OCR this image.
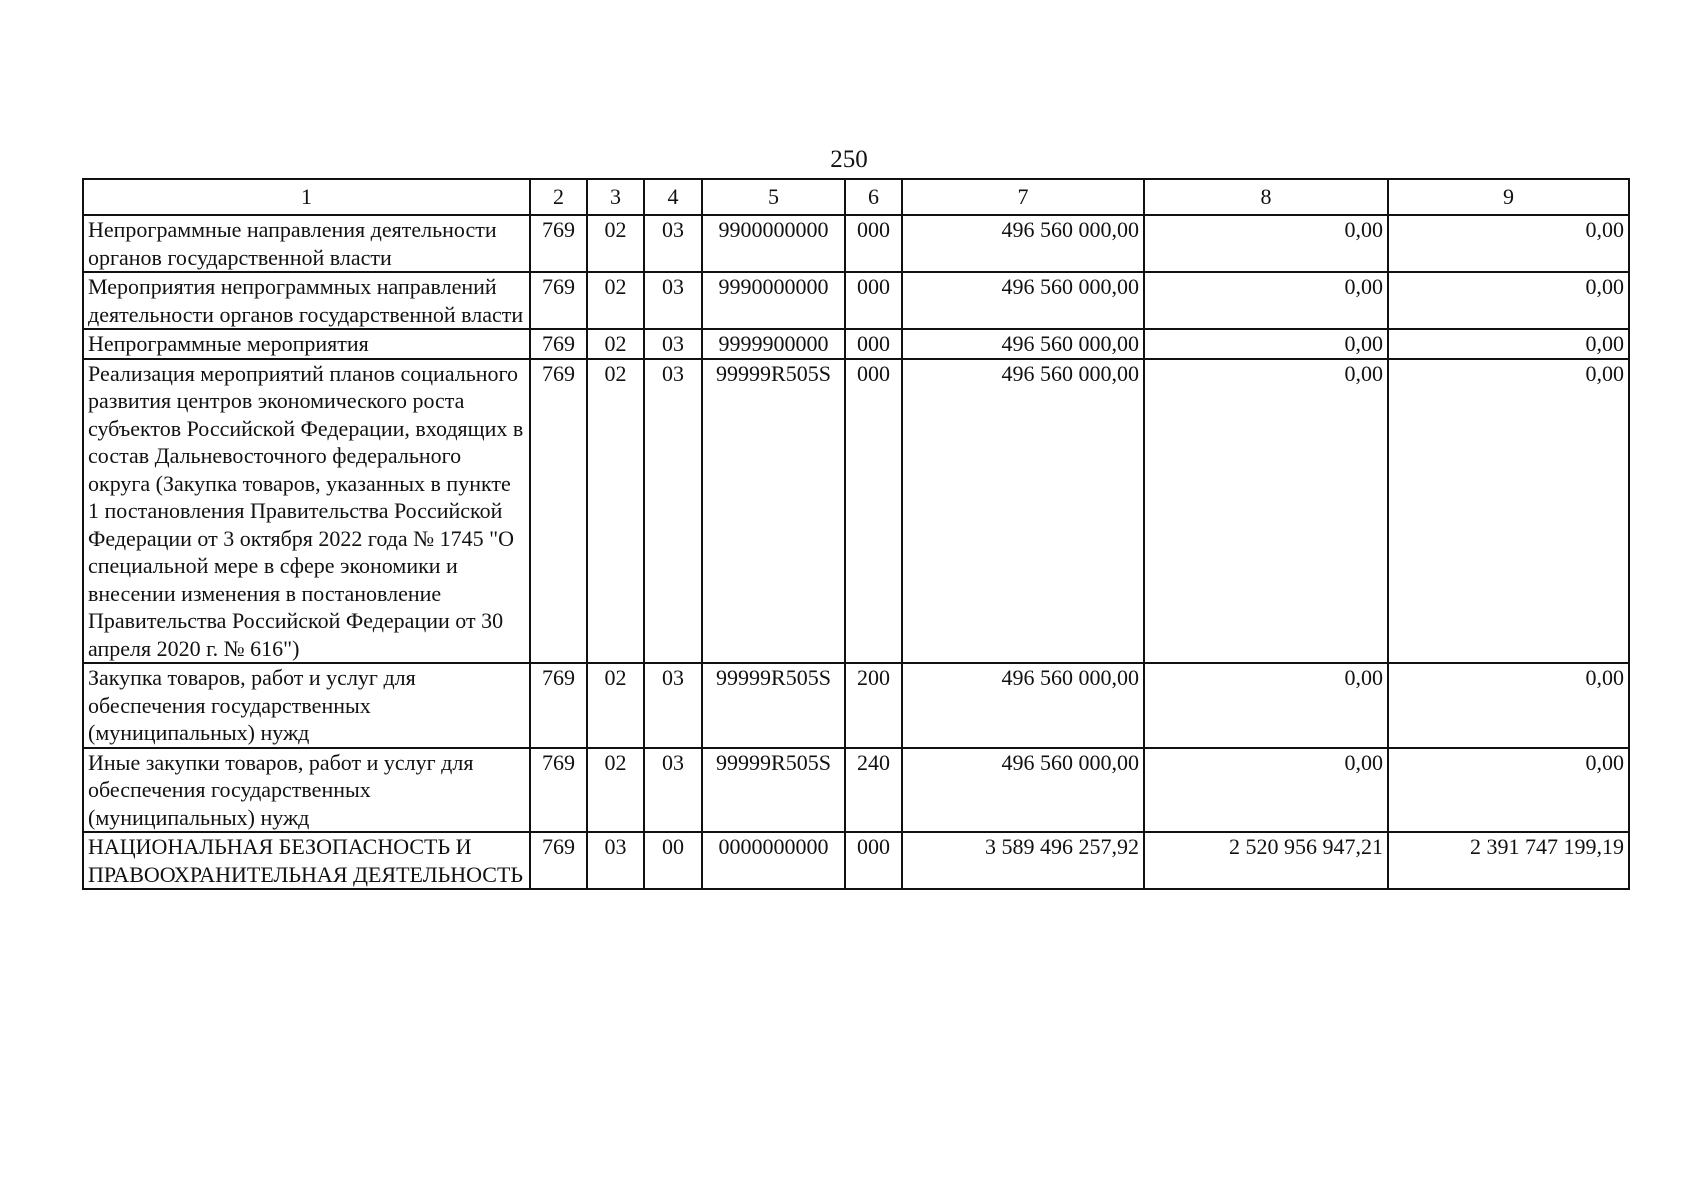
250
1	2	3	4	5	6	7	8	9
Непрограммные направления деятельности органов государственной власти	769	02	03	9900000000	000	496 560 000,00	0,00	0,00
Мероприятия непрограммных направлений деятельности органов государственной власти	769	02	03	9990000000	000	496 560 000,00	0,00	0,00
Непрограммные мероприятия	769	02	03	9999900000	000	496 560 000,00	0,00	0,00
Реализация мероприятий планов социального развития центров экономического роста субъектов Российской Федерации, входящих в состав Дальневосточного федерального округа (Закупка товаров, указанных в пункте 1 постановления Правительства Российской Федерации от 3 октября 2022 года № 1745 "О специальной мере в сфере экономики и внесении изменения в постановление Правительства Российской Федерации от 30 апреля 2020 г. № 616")	769	02	03	99999R505S	000	496 560 000,00	0,00	0,00
Закупка товаров, работ и услуг для обеспечения государственных (муниципальных) нужд	769	02	03	99999R505S	200	496 560 000,00	0,00	0,00
Иные закупки товаров, работ и услуг для обеспечения государственных (муниципальных) нужд	769	02	03	99999R505S	240	496 560 000,00	0,00	0,00
НАЦИОНАЛЬНАЯ БЕЗОПАСНОСТЬ И ПРАВООХРАНИТЕЛЬНАЯ ДЕЯТЕЛЬНОСТЬ	769	03	00	0000000000	000	3 589 496 257,92	2 520 956 947,21	2 391 747 199,19
